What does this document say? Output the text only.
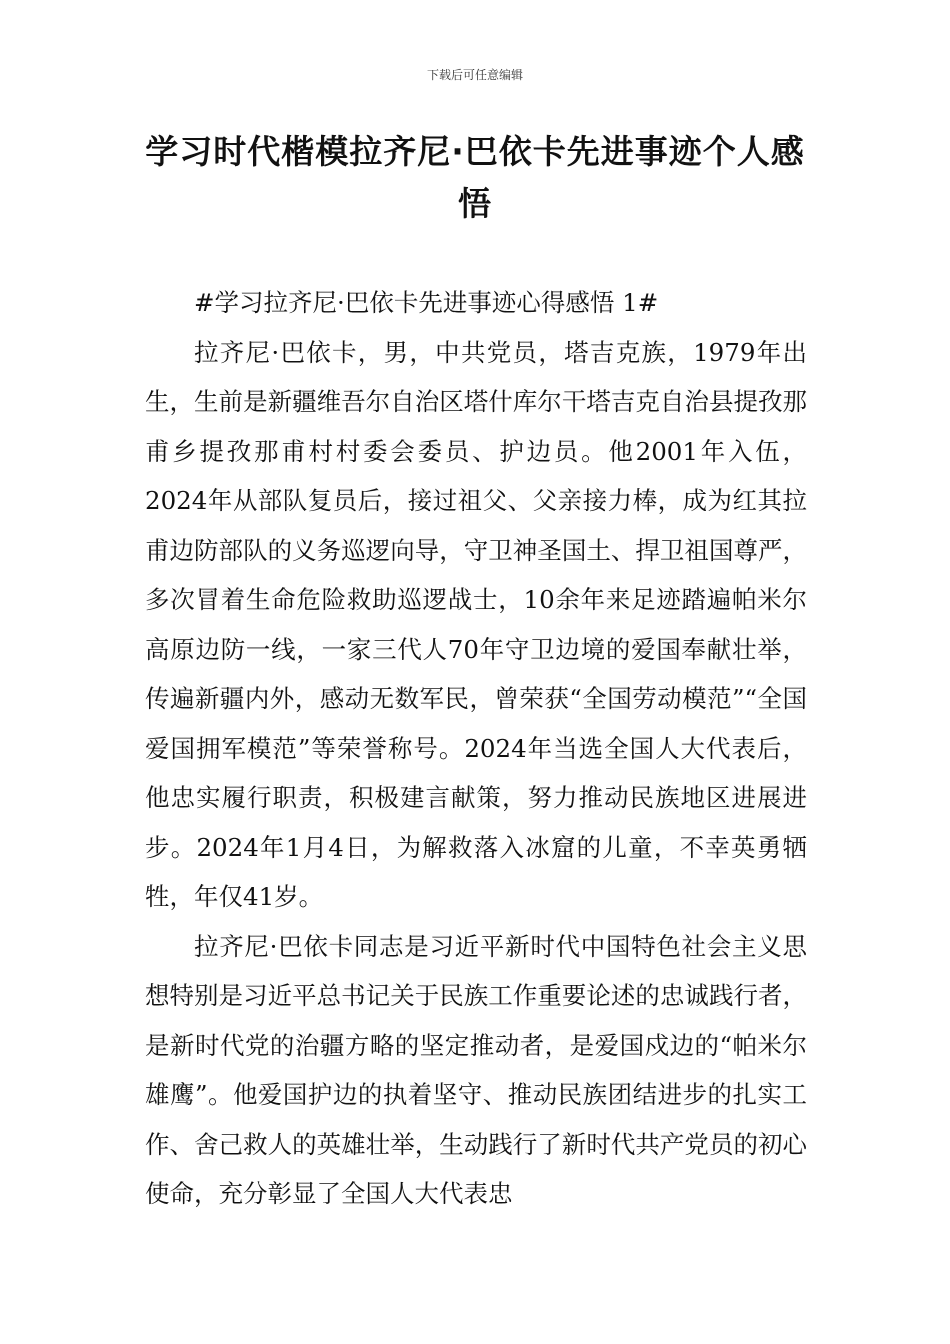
下载后可任意编辑
学习时代楷模拉齐尼·巴依卡先进事迹个人感悟

#学习拉齐尼·巴依卡先进事迹心得感悟 1#

拉齐尼·巴依卡，男，中共党员，塔吉克族，1979年出生，生前是新疆维吾尔自治区塔什库尔干塔吉克自治县提孜那甫乡提孜那甫村村委会委员、护边员。他2001年入伍，2024年从部队复员后，接过祖父、父亲接力棒，成为红其拉甫边防部队的义务巡逻向导，守卫神圣国土、捍卫祖国尊严，多次冒着生命危险救助巡逻战士，10余年来足迹踏遍帕米尔高原边防一线，一家三代人70年守卫边境的爱国奉献壮举，传遍新疆内外，感动无数军民，曾荣获“全国劳动模范”“全国爱国拥军模范”等荣誉称号。2024年当选全国人大代表后，他忠实履行职责，积极建言献策，努力推动民族地区进展进步。2024年1月4日，为解救落入冰窟的儿童，不幸英勇牺牲，年仅41岁。

拉齐尼·巴依卡同志是习近平新时代中国特色社会主义思想特别是习近平总书记关于民族工作重要论述的忠诚践行者，是新时代党的治疆方略的坚定推动者，是爱国戍边的“帕米尔雄鹰”。他爱国护边的执着坚守、推动民族团结进步的扎实工作、舍己救人的英雄壮举，生动践行了新时代共产党员的初心使命，充分彰显了全国人大代表忠
